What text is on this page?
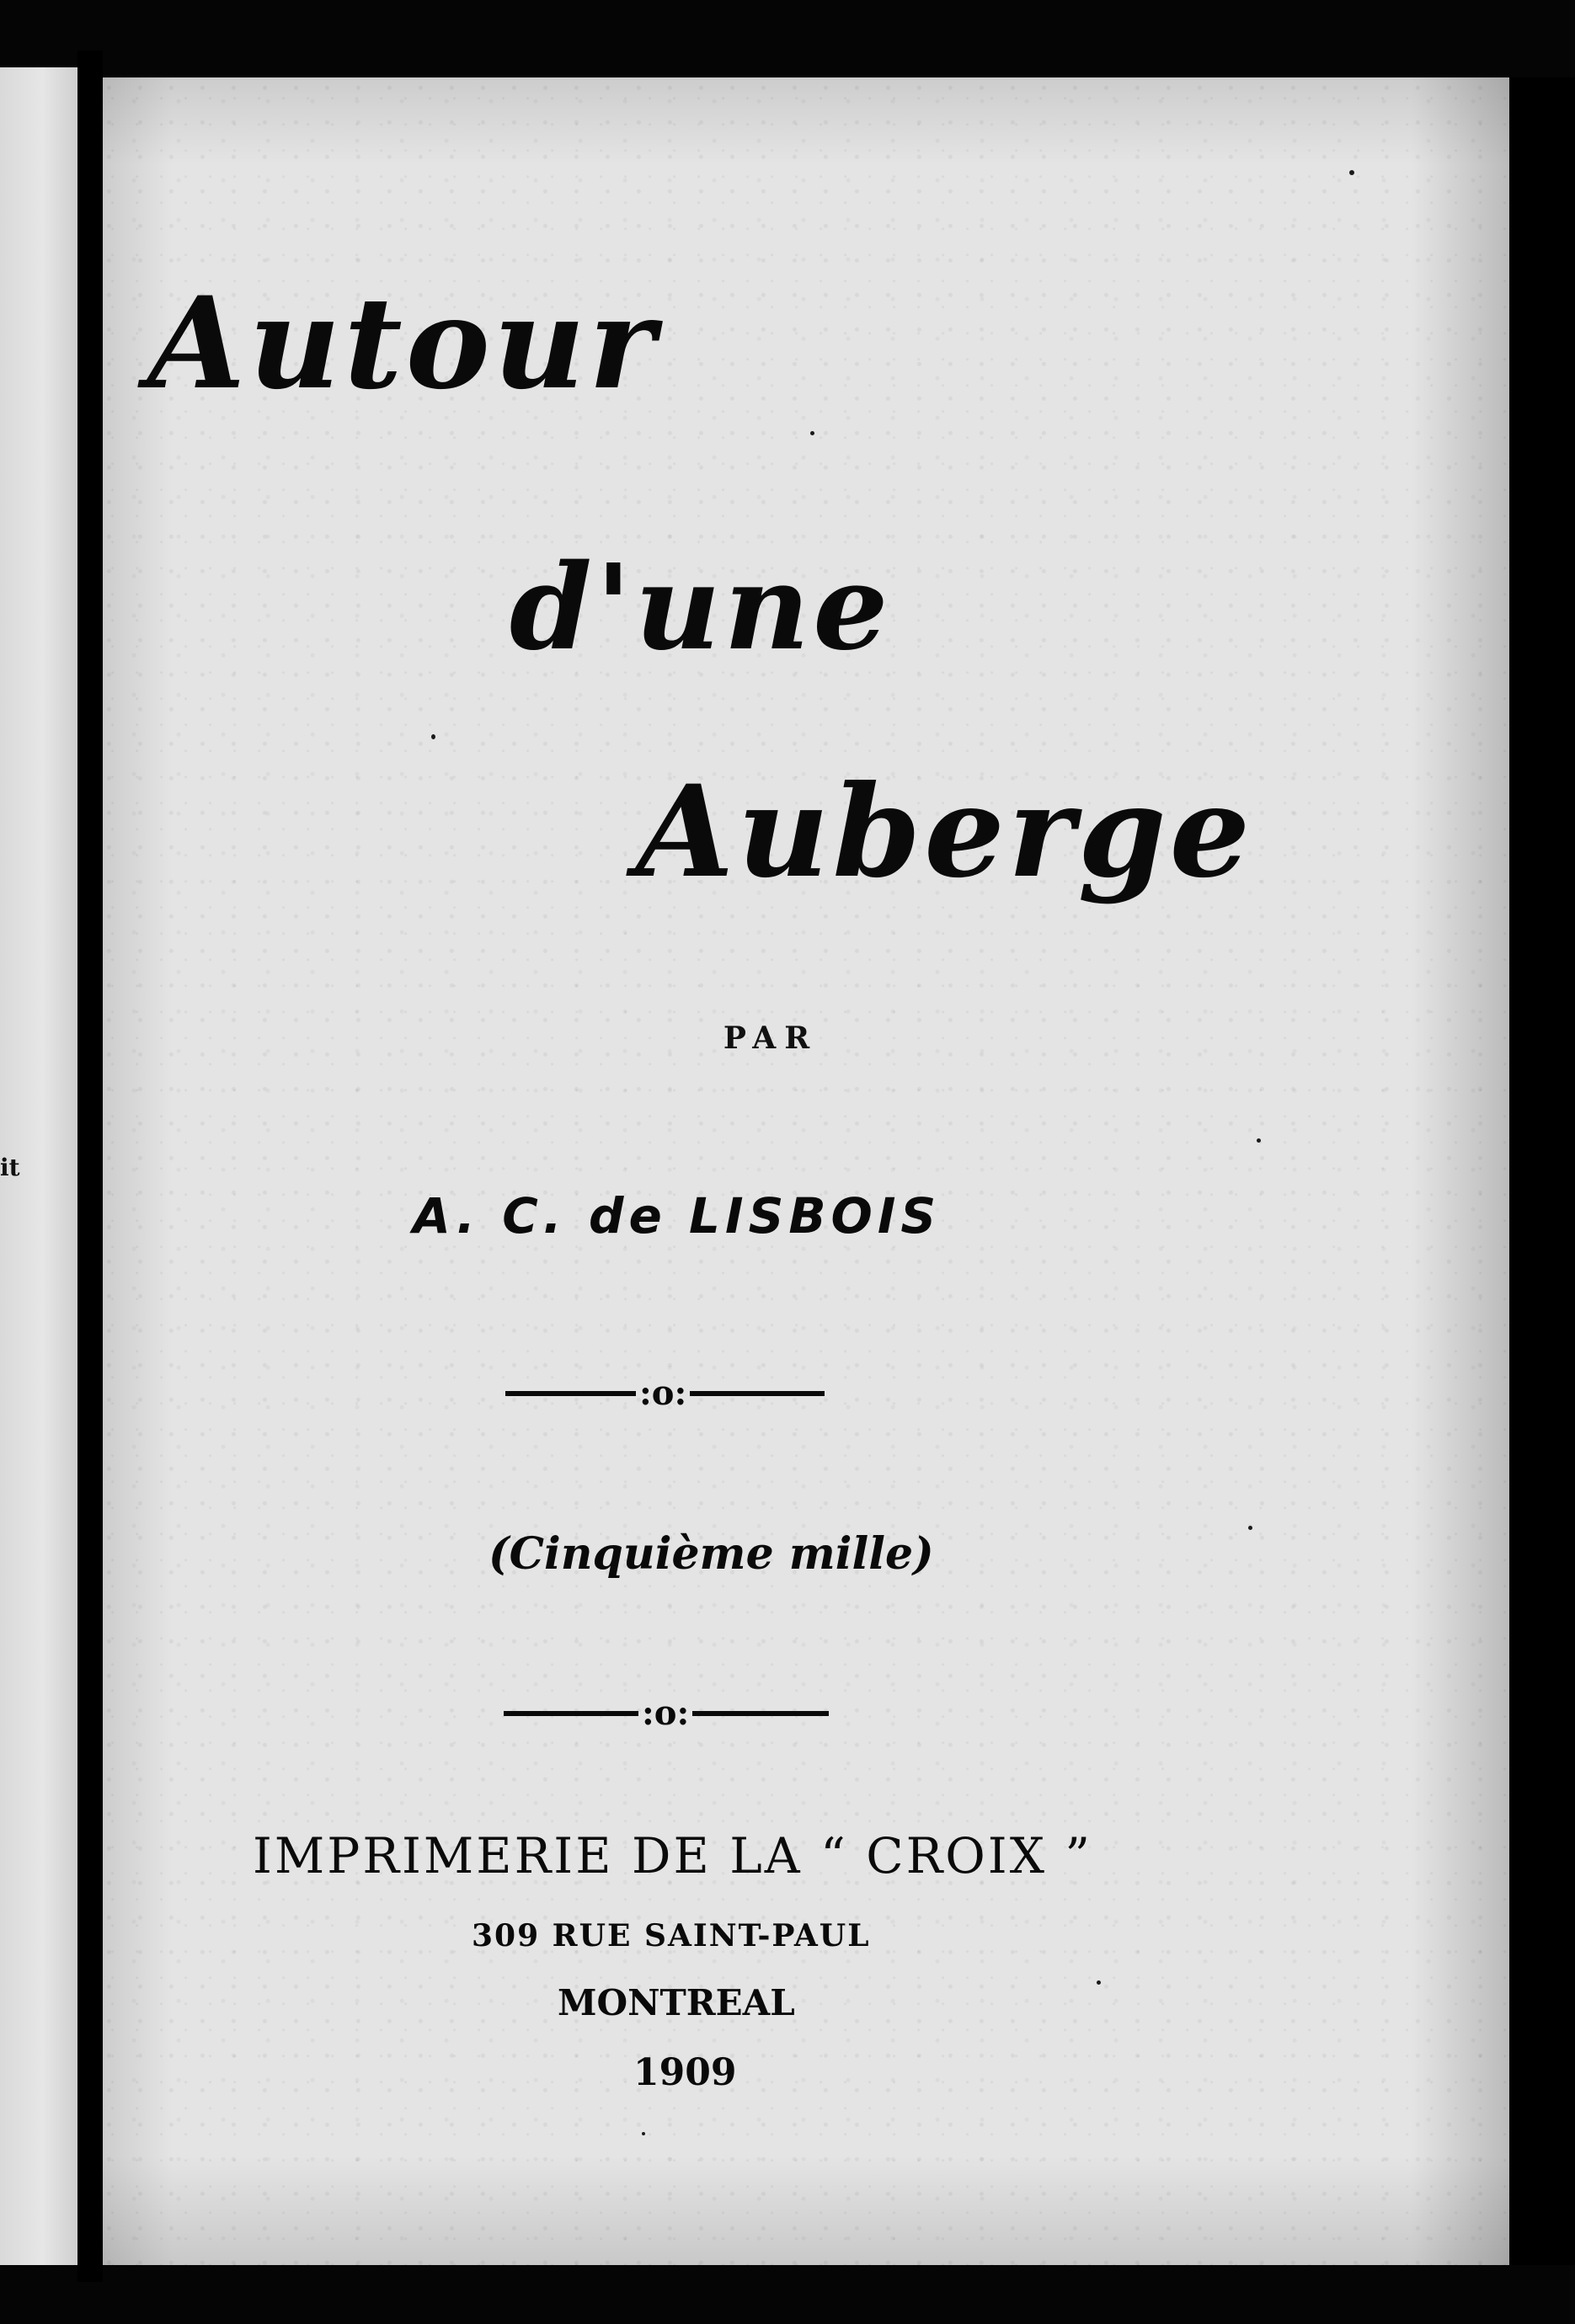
it
Autour
d'une
Auberge
PAR
A. C. de LISBOIS
:o:
(Cinquième mille)
:o:
IMPRIMERIE DE LA “ CROIX ”
309 RUE SAINT-PAUL
MONTREAL
1909
